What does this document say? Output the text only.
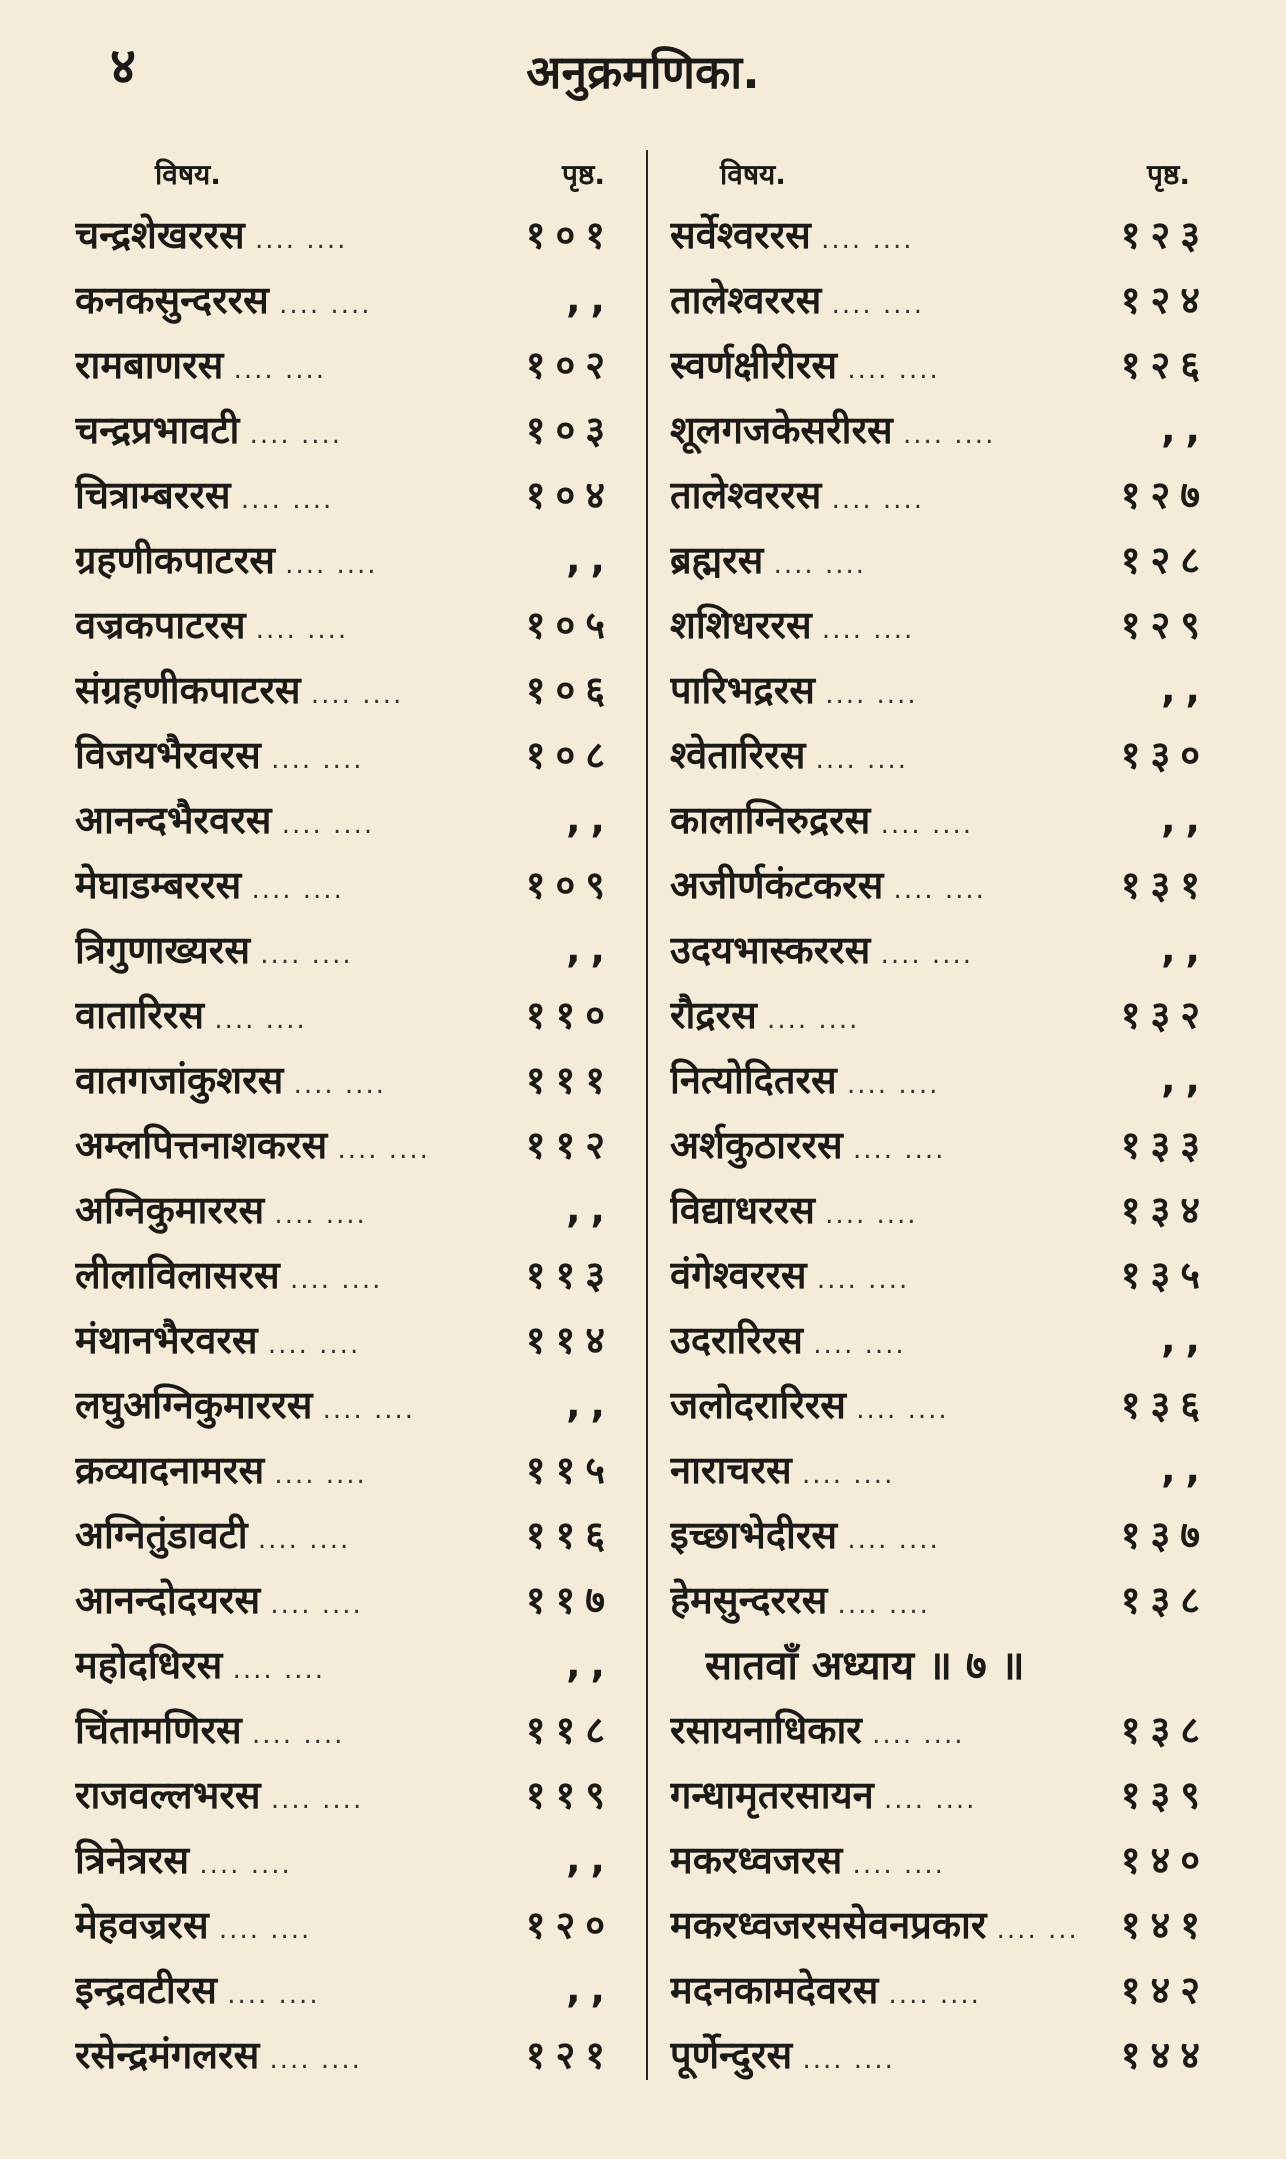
४	अनुक्रमणिका.
विषय.	पृष्ठ.
चन्द्रशेखररस ....	१०१
कनकसुन्दररस ....	,,
रामबाणरस ....	१०२
चन्द्रप्रभावटी ....	१०३
चित्राम्बररस ....	१०४
ग्रहणीकपाटरस ....	,,
वज्रकपाटरस ....	१०५
संग्रहणीकपाटरस ....	१०६
विजयभैरवरस ....	१०८
आनन्दभैरवरस ....	,,
मेघाडम्बररस ....	१०९
त्रिगुणाख्यरस ....	,,
वातारिरस ....	११०
वातगजांकुशरस ....	१११
अम्लपित्तनाशकरस ....	११२
अग्निकुमाररस ....	,,
लीलाविलासरस ....	११३
मंथानभैरवरस ....	११४
लघुअग्निकुमाररस ....	,,
क्रव्यादनामरस ....	११५
अग्नितुंडावटी ....	११६
आनन्दोदयरस ....	११७
महोदधिरस ....	,,
चिंतामणिरस ....	११८
राजवल्लभरस ....	११९
त्रिनेत्ररस ....	,,
मेहवज्ररस ....	१२०
इन्द्रवटीरस ....	,,
रसेन्द्रमंगलरस ....	१२१
विषय.	पृष्ठ.
सर्वेश्वररस ....	१२३
तालेश्वररस ....	१२४
स्वर्णक्षीरीरस ....	१२६
शूलगजकेसरीरस ....	,,
तालेश्वररस ....	१२७
ब्रह्मरस ....	१२८
शशिधररस ....	१२९
पारिभद्ररस ....	,,
श्वेतारिरस ....	१३०
कालाग्निरुद्ररस ....	,,
अजीर्णकंटकरस ....	१३१
उदयभास्कररस ....	,,
रौद्ररस ....	१३२
नित्योदितरस ....	,,
अर्शकुठाररस ....	१३३
विद्याधररस ....	१३४
वंगेश्वररस ....	१३५
उदरारिरस ....	,,
जलोदरारिरस ....	१३६
नाराचरस ....	,,
इच्छाभेदीरस ....	१३७
हेमसुन्दररस ....	१३८
सातवाँ अध्याय ॥ ७ ॥
रसायनाधिकार ....	१३८
गन्धामृतरसायन ....	१३९
मकरध्वजरस ....	१४०
मकरध्वजरससेवनप्रकार ....	१४१
मदनकामदेवरस ....	१४२
पूर्णेन्दुरस ....	१४४
